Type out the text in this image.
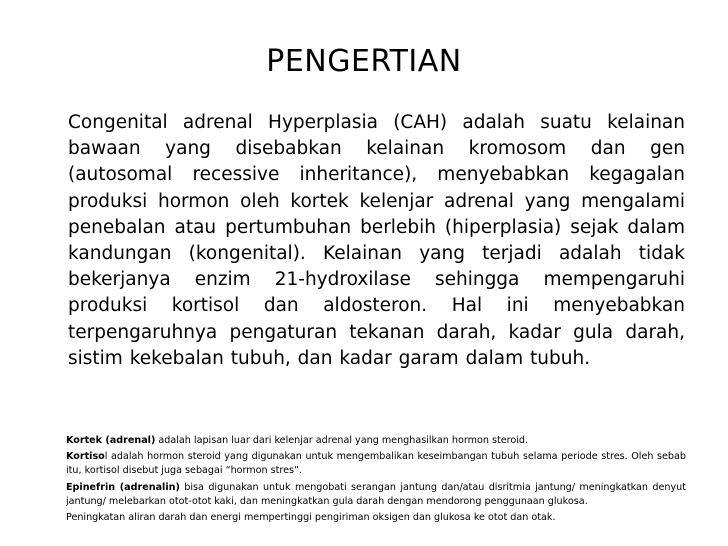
PENGERTIAN
Congenital adrenal Hyperplasia (CAH) adalah suatu kelainan bawaan yang disebabkan kelainan kromosom dan gen (autosomal recessive inheritance), menyebabkan kegagalan produksi hormon oleh kortek kelenjar adrenal yang mengalami penebalan atau pertumbuhan berlebih (hiperplasia) sejak dalam kandungan (kongenital). Kelainan yang terjadi adalah tidak bekerjanya enzim 21-hydroxilase sehingga mempengaruhi produksi kortisol dan aldosteron. Hal ini menyebabkan terpengaruhnya pengaturan tekanan darah, kadar gula darah, sistim kekebalan tubuh, dan kadar garam dalam tubuh.

Kortek (adrenal) adalah lapisan luar dari kelenjar adrenal yang menghasilkan hormon steroid.

Kortisol adalah hormon steroid yang digunakan untuk mengembalikan keseimbangan tubuh selama periode stres. Oleh sebab itu, kortisol disebut juga sebagai “hormon stres”.

Epinefrin (adrenalin) bisa digunakan untuk mengobati serangan jantung dan/atau disritmia jantung/ meningkatkan denyut jantung/ melebarkan otot-otot kaki, dan meningkatkan gula darah dengan mendorong penggunaan glukosa.

Peningkatan aliran darah dan energi mempertinggi pengiriman oksigen dan glukosa ke otot dan otak.
